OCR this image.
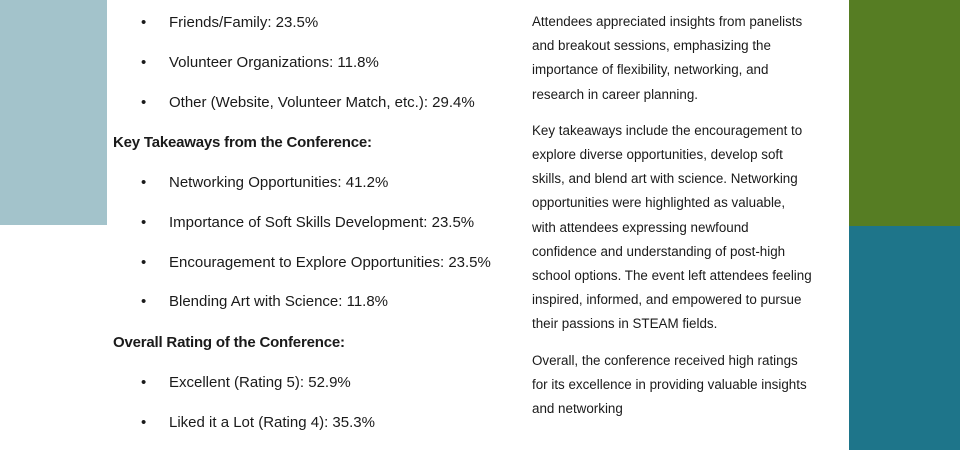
• Friends/Family: 23.5%
• Volunteer Organizations: 11.8%
• Other (Website, Volunteer Match, etc.): 29.4%
Key Takeaways from the Conference:
• Networking Opportunities: 41.2%
• Importance of Soft Skills Development: 23.5%
• Encouragement to Explore Opportunities: 23.5%
• Blending Art with Science: 11.8%
Overall Rating of the Conference:
• Excellent (Rating 5): 52.9%
• Liked it a Lot (Rating 4): 35.3%

Attendees appreciated insights from panelists and breakout sessions, emphasizing the importance of flexibility, networking, and research in career planning.

Key takeaways include the encouragement to explore diverse opportunities, develop soft skills, and blend art with science. Networking opportunities were highlighted as valuable, with attendees expressing newfound confidence and understanding of post-high school options. The event left attendees feeling inspired, informed, and empowered to pursue their passions in STEAM fields.

Overall, the conference received high ratings for its excellence in providing valuable insights and networking
